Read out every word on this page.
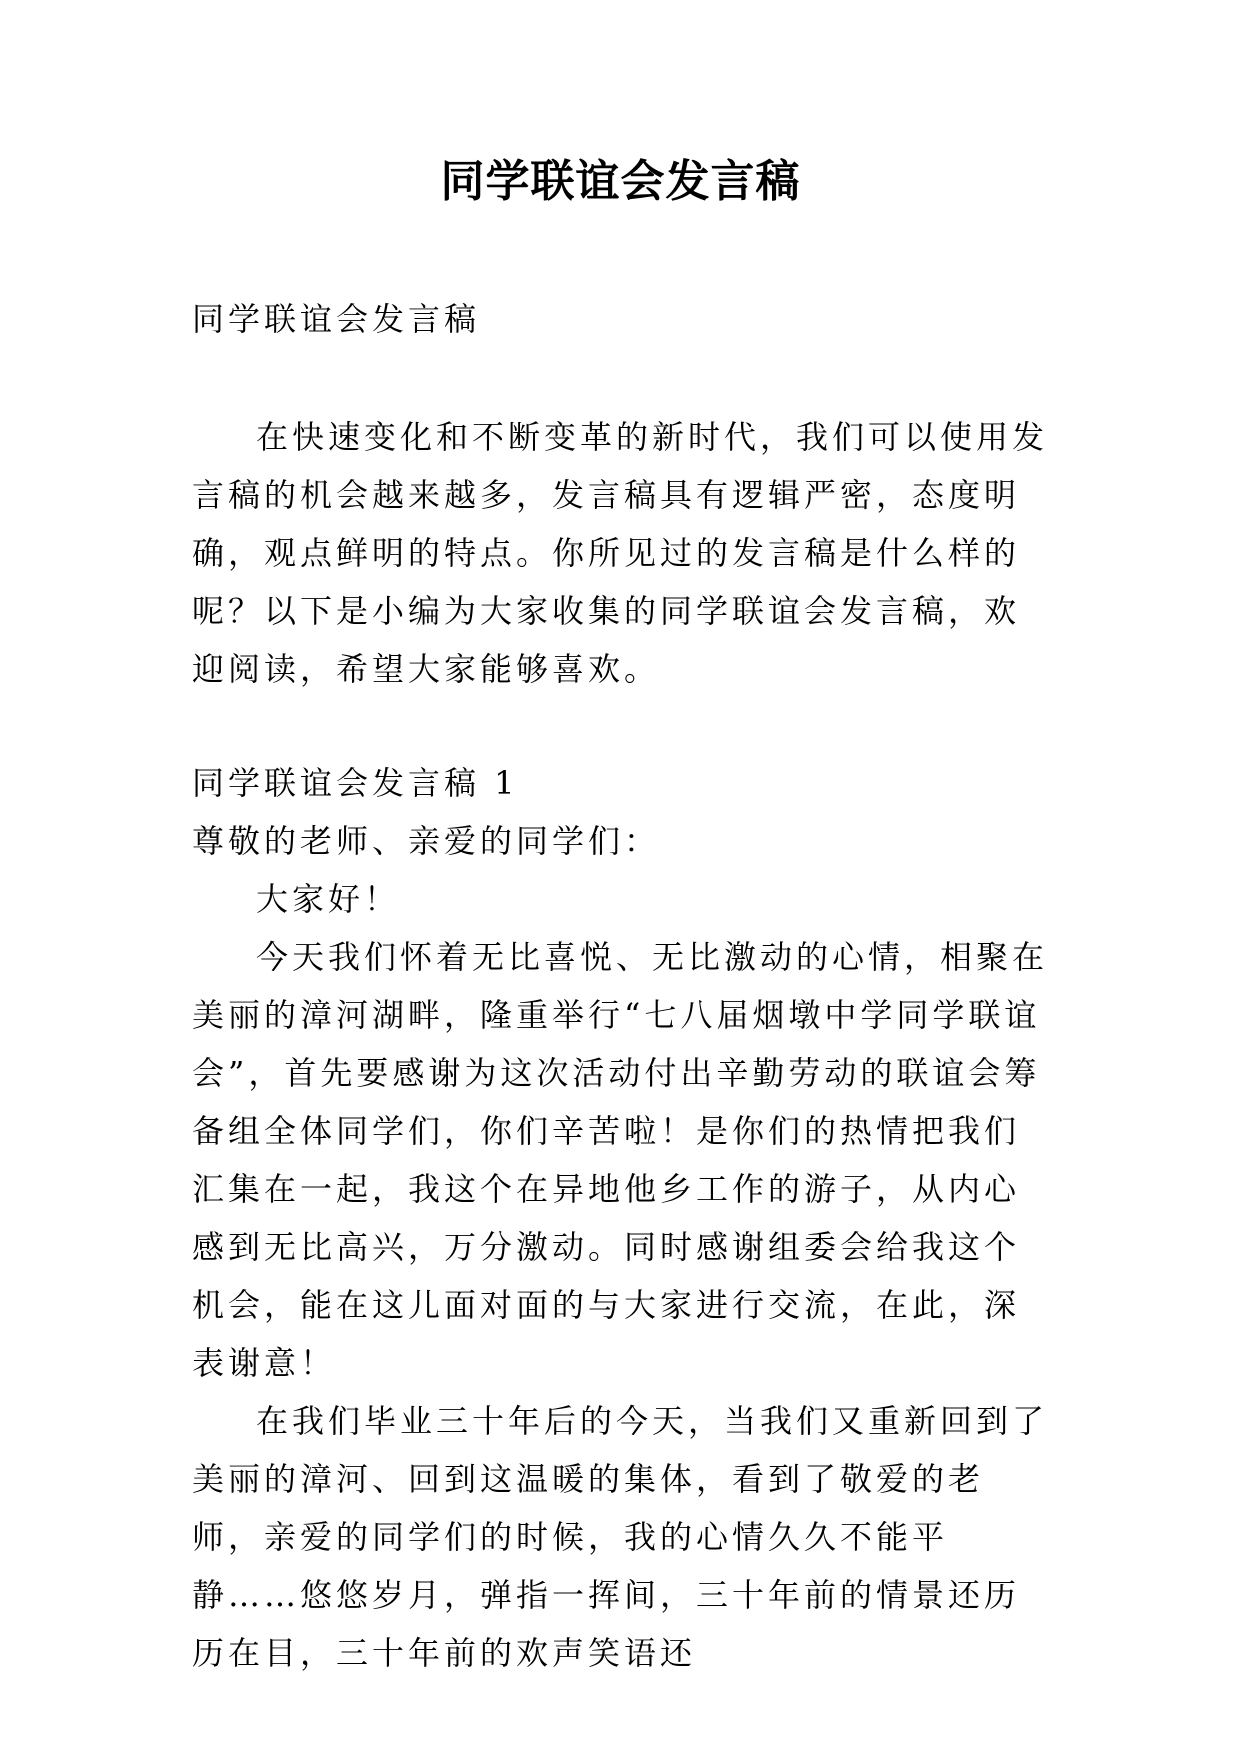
同学联谊会发言稿

同学联谊会发言稿

在快速变化和不断变革的新时代，我们可以使用发言稿的机会越来越多，发言稿具有逻辑严密，态度明确，观点鲜明的特点。你所见过的发言稿是什么样的呢？以下是小编为大家收集的同学联谊会发言稿，欢迎阅读，希望大家能够喜欢。

同学联谊会发言稿 1

尊敬的老师、亲爱的同学们：

大家好！

今天我们怀着无比喜悦、无比激动的心情，相聚在美丽的漳河湖畔，隆重举行“七八届烟墩中学同学联谊会”，首先要感谢为这次活动付出辛勤劳动的联谊会筹备组全体同学们，你们辛苦啦！是你们的热情把我们汇集在一起，我这个在异地他乡工作的游子，从内心感到无比高兴，万分激动。同时感谢组委会给我这个机会，能在这儿面对面的与大家进行交流，在此，深表谢意！

在我们毕业三十年后的今天，当我们又重新回到了美丽的漳河、回到这温暖的集体，看到了敬爱的老师，亲爱的同学们的时候，我的心情久久不能平静……悠悠岁月，弹指一挥间，三十年前的情景还历历在目，三十年前的欢声笑语还
